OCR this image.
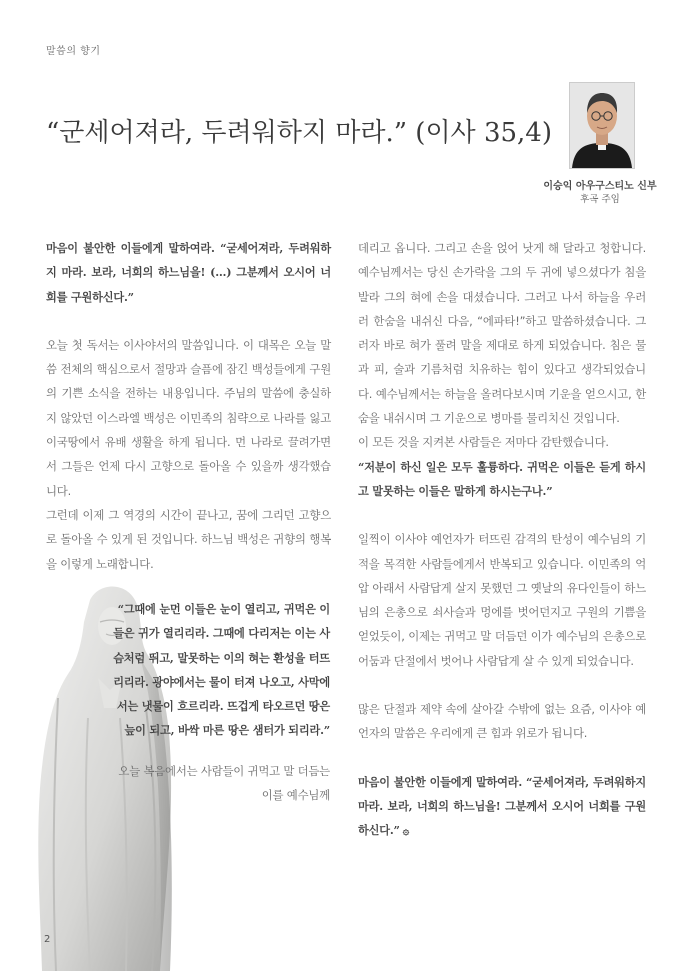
말씀의 향기
“군세어져라, 두려워하지 마라.” (이사 35,4)
이승익 아우구스티노 신부
후곡 주임

마음이 불안한 이들에게 말하여라. “굳세어져라, 두려워하지 마라. 보라, 너희의 하느님을! (…) 그분께서 오시어 너희를 구원하신다.”

오늘 첫 독서는 이사야서의 말씀입니다. 이 대목은 오늘 말씀 전체의 핵심으로서 절망과 슬픔에 잠긴 백성들에게 구원의 기쁜 소식을 전하는 내용입니다. 주님의 말씀에 충실하지 않았던 이스라엘 백성은 이민족의 침략으로 나라를 잃고 이국땅에서 유배 생활을 하게 됩니다. 먼 나라로 끌려가면서 그들은 언제 다시 고향으로 돌아올 수 있을까 생각했습니다.

그런데 이제 그 역경의 시간이 끝나고, 꿈에 그리던 고향으로 돌아올 수 있게 된 것입니다. 하느님 백성은 귀향의 행복을 이렇게 노래합니다.

“그때에 눈먼 이들은 눈이 열리고, 귀먹은 이들은 귀가 열리리라. 그때에 다리저는 이는 사슴처럼 뛰고, 말못하는 이의 혀는 환성을 터뜨리리라. 광야에서는 물이 터져 나오고, 사막에서는 냇물이 흐르리라. 뜨겁게 타오르던 땅은 늪이 되고, 바싹 마른 땅은 샘터가 되리라.”

오늘 복음에서는 사람들이 귀먹고 말 더듬는 이를 예수님께

데리고 옵니다. 그리고 손을 얹어 낫게 해 달라고 청합니다. 예수님께서는 당신 손가락을 그의 두 귀에 넣으셨다가 침을 발라 그의 혀에 손을 대셨습니다. 그러고 나서 하늘을 우러러 한숨을 내쉬신 다음, “에파타!”하고 말씀하셨습니다. 그러자 바로 혀가 풀려 말을 제대로 하게 되었습니다. 침은 물과 피, 술과 기름처럼 치유하는 힘이 있다고 생각되었습니다. 예수님께서는 하늘을 올려다보시며 기운을 얻으시고, 한숨을 내쉬시며 그 기운으로 병마를 물리치신 것입니다.

이 모든 것을 지켜본 사람들은 저마다 감탄했습니다.

“저분이 하신 일은 모두 훌륭하다. 귀먹은 이들은 듣게 하시고 말못하는 이들은 말하게 하시는구나.”

일찍이 이사야 예언자가 터뜨린 감격의 탄성이 예수님의 기적을 목격한 사람들에게서 반복되고 있습니다. 이민족의 억압 아래서 사람답게 살지 못했던 그 옛날의 유다인들이 하느님의 은총으로 쇠사슬과 멍에를 벗어던지고 구원의 기쁨을 얻었듯이, 이제는 귀먹고 말 더듬던 이가 예수님의 은총으로 어둠과 단절에서 벗어나 사람답게 살 수 있게 되었습니다.

많은 단절과 제약 속에 살아갈 수밖에 없는 요즘, 이사야 예언자의 말씀은 우리에게 큰 힘과 위로가 됩니다.

마음이 불안한 이들에게 말하여라. “굳세어져라, 두려워하지 마라. 보라, 너희의 하느님을! 그분께서 오시어 너희를 구원하신다.” ۞

2
